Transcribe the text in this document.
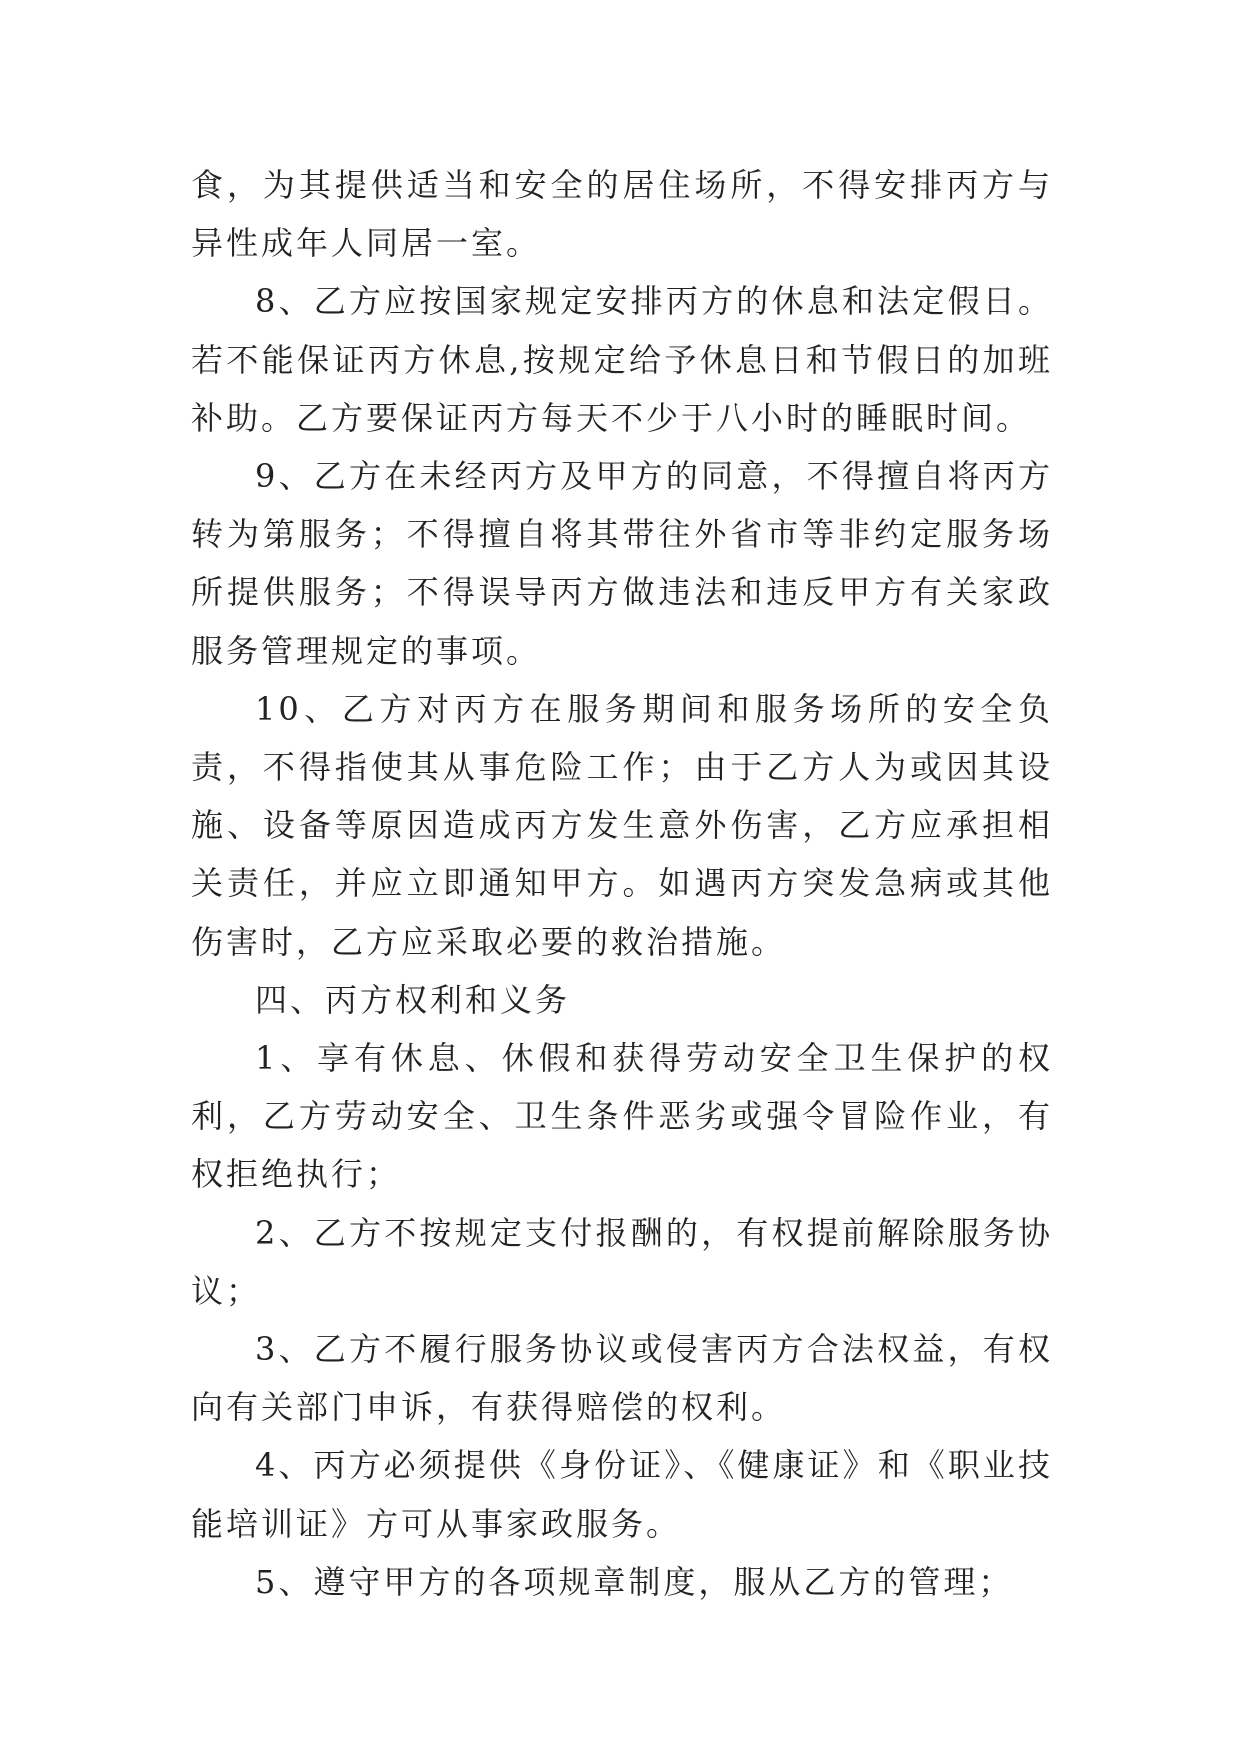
食，为其提供适当和安全的居住场所，不得安排丙方与异性成年人同居一室。

8、乙方应按国家规定安排丙方的休息和法定假日。若不能保证丙方休息,按规定给予休息日和节假日的加班补助。乙方要保证丙方每天不少于八小时的睡眠时间。

9、乙方在未经丙方及甲方的同意，不得擅自将丙方转为第服务；不得擅自将其带往外省市等非约定服务场所提供服务；不得误导丙方做违法和违反甲方有关家政服务管理规定的事项。

10、乙方对丙方在服务期间和服务场所的安全负责，不得指使其从事危险工作；由于乙方人为或因其设施、设备等原因造成丙方发生意外伤害，乙方应承担相关责任，并应立即通知甲方。如遇丙方突发急病或其他伤害时，乙方应采取必要的救治措施。

四、丙方权利和义务

1、享有休息、休假和获得劳动安全卫生保护的权利，乙方劳动安全、卫生条件恶劣或强令冒险作业，有权拒绝执行；

2、乙方不按规定支付报酬的，有权提前解除服务协议；

3、乙方不履行服务协议或侵害丙方合法权益，有权向有关部门申诉，有获得赔偿的权利。

4、丙方必须提供《身份证》、《健康证》和《职业技能培训证》方可从事家政服务。

5、遵守甲方的各项规章制度，服从乙方的管理；
